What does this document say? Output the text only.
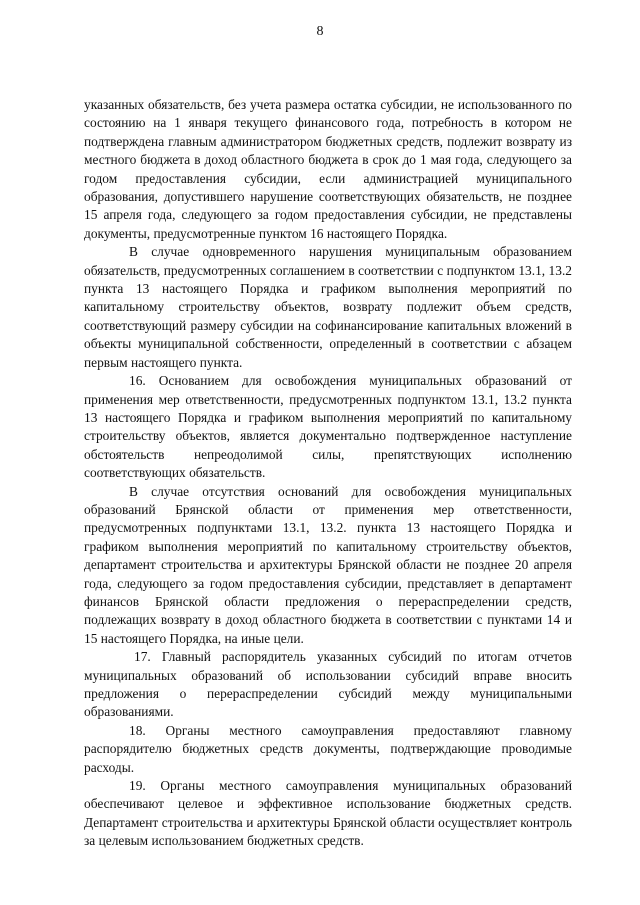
8

указанных обязательств, без учета размера остатка субсидии, не использованного по состоянию на 1 января текущего финансового года, потребность в котором не подтверждена главным администратором бюджетных средств, подлежит возврату из местного бюджета в доход областного бюджета в срок до 1 мая года, следующего за годом предоставления субсидии, если администрацией муниципального образования, допустившего нарушение соответствующих обязательств, не позднее 15 апреля года, следующего за годом предоставления субсидии, не представлены документы, предусмотренные пунктом 16 настоящего Порядка.

В случае одновременного нарушения муниципальным образованием обязательств, предусмотренных соглашением в соответствии с подпунктом 13.1, 13.2 пункта 13 настоящего Порядка и графиком выполнения мероприятий по капитальному строительству объектов, возврату подлежит объем средств, соответствующий размеру субсидии на софинансирование капитальных вложений в объекты муниципальной собственности, определенный в соответствии с абзацем первым настоящего пункта.

16. Основанием для освобождения муниципальных образований от применения мер ответственности, предусмотренных подпунктом 13.1, 13.2 пункта 13 настоящего Порядка и графиком выполнения мероприятий по капитальному строительству объектов, является документально подтвержденное наступление обстоятельств непреодолимой силы, препятствующих исполнению соответствующих обязательств.

В случае отсутствия оснований для освобождения муниципальных образований Брянской области от применения мер ответственности, предусмотренных подпунктами 13.1, 13.2. пункта 13 настоящего Порядка и графиком выполнения мероприятий по капитальному строительству объектов, департамент строительства и архитектуры Брянской области не позднее 20 апреля года, следующего за годом предоставления субсидии, представляет в департамент финансов Брянской области предложения о перераспределении средств, подлежащих возврату в доход областного бюджета в соответствии с пунктами 14 и 15 настоящего Порядка, на иные цели.

17. Главный распорядитель указанных субсидий по итогам отчетов муниципальных образований об использовании субсидий вправе вносить предложения о перераспределении субсидий между муниципальными образованиями.

18. Органы местного самоуправления предоставляют главному распорядителю бюджетных средств документы, подтверждающие проводимые расходы.

19. Органы местного самоуправления муниципальных образований обеспечивают целевое и эффективное использование бюджетных средств. Департамент строительства и архитектуры Брянской области осуществляет контроль за целевым использованием бюджетных средств.
